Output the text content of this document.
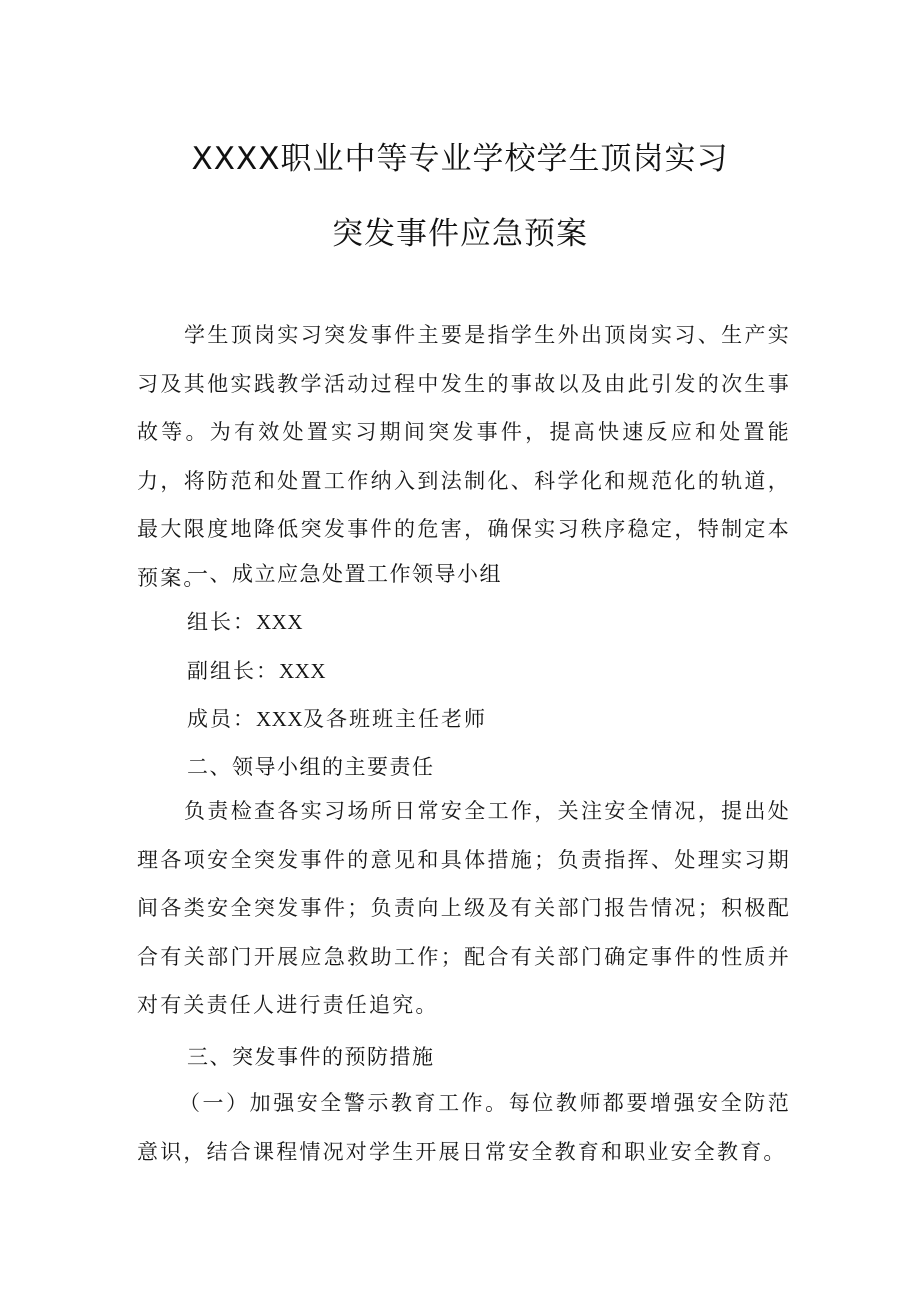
XXXX职业中等专业学校学生顶岗实习
突发事件应急预案

学生顶岗实习突发事件主要是指学生外出顶岗实习、生产实习及其他实践教学活动过程中发生的事故以及由此引发的次生事故等。为有效处置实习期间突发事件，提高快速反应和处置能力，将防范和处置工作纳入到法制化、科学化和规范化的轨道，最大限度地降低突发事件的危害，确保实习秩序稳定，特制定本预案。

一、成立应急处置工作领导小组
组长：XXX
副组长：XXX
成员：XXX及各班班主任老师
二、领导小组的主要责任

负责检查各实习场所日常安全工作，关注安全情况，提出处理各项安全突发事件的意见和具体措施；负责指挥、处理实习期间各类安全突发事件；负责向上级及有关部门报告情况；积极配合有关部门开展应急救助工作；配合有关部门确定事件的性质并对有关责任人进行责任追究。

三、突发事件的预防措施

（一）加强安全警示教育工作。每位教师都要增强安全防范意识，结合课程情况对学生开展日常安全教育和职业安全教育。
